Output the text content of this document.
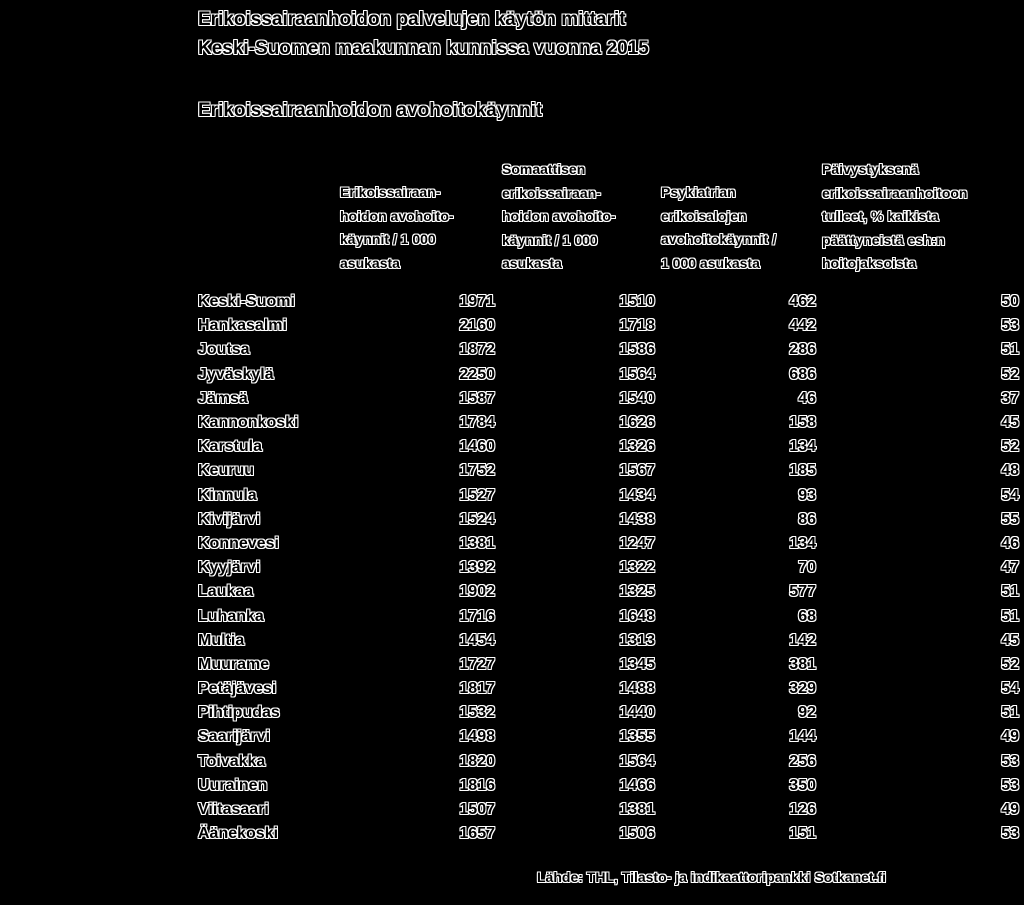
Erikoissairaanhoidon palvelujen käytön mittarit
Keski-Suomen maakunnan kunnissa vuonna 2015
Erikoissairaanhoidon avohoitokäynnit
Erikoissairaan-
hoidon avohoito-
käynnit / 1 000
asukasta
Somaattisen
erikoissairaan-
hoidon avohoito-
käynnit / 1 000
asukasta
Psykiatrian
erikoisalojen
avohoitokäynnit /
1 000 asukasta
Päivystyksenä
erikoissairaanhoitoon
tulleet, % kaikista
päättyneistä esh:n
hoitojaksoista
Keski-Suomi	1971	1510	462	50
Hankasalmi	2160	1718	442	53
Joutsa	1872	1586	286	51
Jyväskylä	2250	1564	686	52
Jämsä	1587	1540	46	37
Kannonkoski	1784	1626	158	45
Karstula	1460	1326	134	52
Keuruu	1752	1567	185	48
Kinnula	1527	1434	93	54
Kivijärvi	1524	1438	86	55
Konnevesi	1381	1247	134	46
Kyyjärvi	1392	1322	70	47
Laukaa	1902	1325	577	51
Luhanka	1716	1648	68	51
Multia	1454	1313	142	45
Muurame	1727	1345	381	52
Petäjävesi	1817	1488	329	54
Pihtipudas	1532	1440	92	51
Saarijärvi	1498	1355	144	49
Toivakka	1820	1564	256	53
Uurainen	1816	1466	350	53
Viitasaari	1507	1381	126	49
Äänekoski	1657	1506	151	53
Lähde: THL, Tilasto- ja indikaattoripankki Sotkanet.fi
